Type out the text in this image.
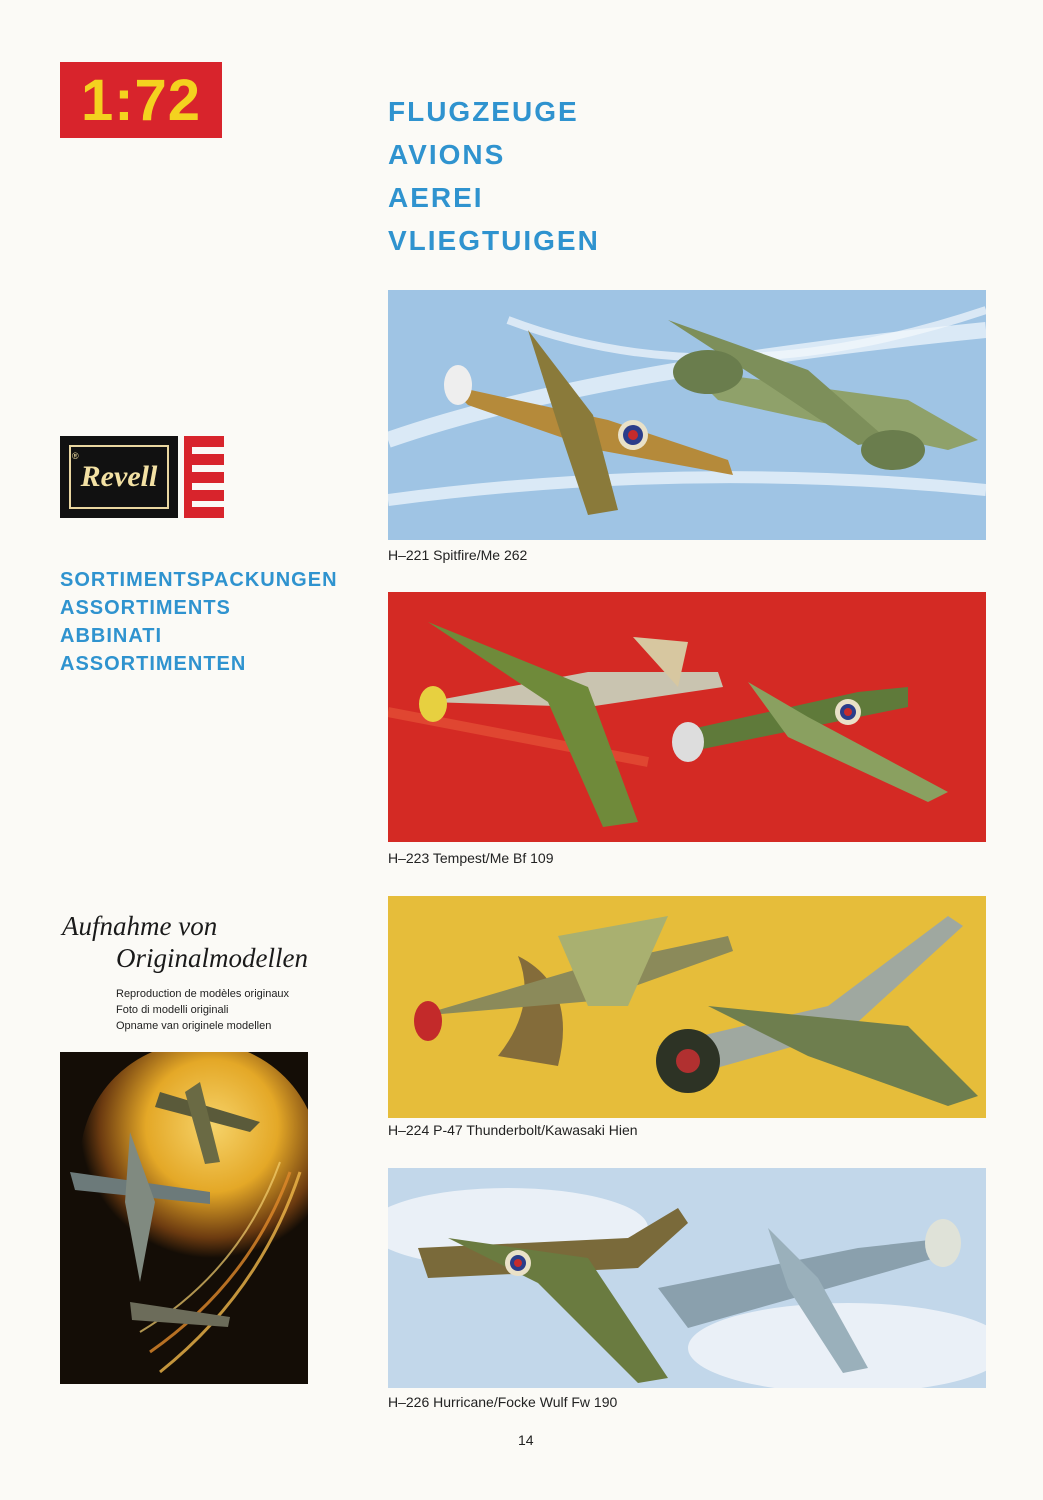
1:72	FLUGZEUGE
AVIONS
AEREI
VLIEGTUIGEN
®
Revell
SORTIMENTSPACKUNGEN
ASSORTIMENTS
ABBINATI
ASSORTIMENTEN
H–221 Spitfire/Me 262
H–223 Tempest/Me Bf 109
H–224 P-47 Thunderbolt/Kawasaki Hien
H–226 Hurricane/Focke Wulf Fw 190
Aufnahme von
Originalmodellen
Reproduction de modèles originaux
Foto di modelli originali
Opname van originele modellen
14
